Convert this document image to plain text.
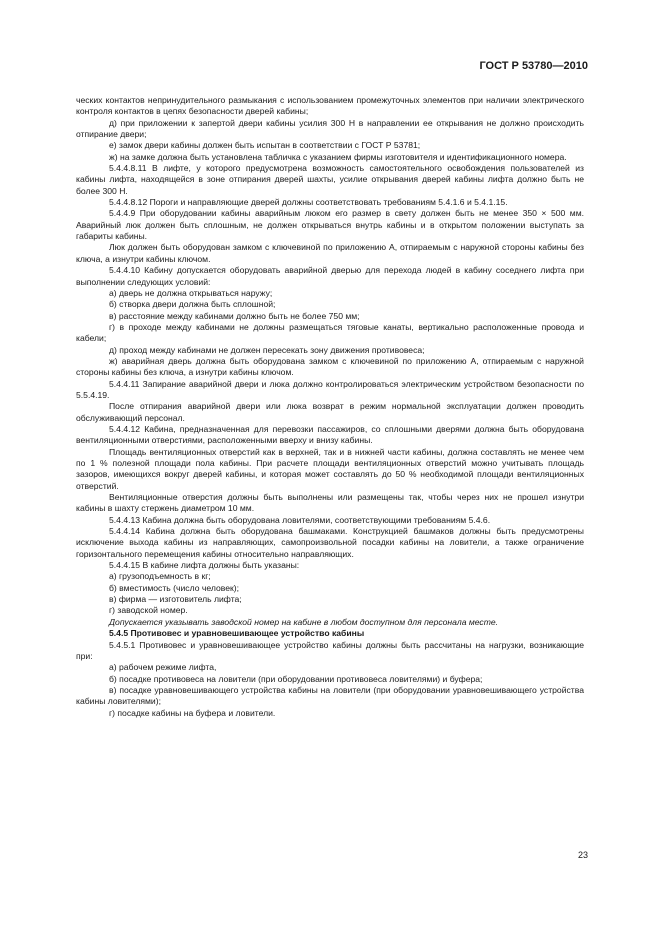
ГОСТ Р 53780—2010

ческих контактов непринудительного размыкания с использованием промежуточных элементов при наличии электрического контроля контактов в цепях безопасности дверей кабины;

д) при приложении к запертой двери кабины усилия 300 Н в направлении ее открывания не должно происходить отпирание двери;

е) замок двери кабины должен быть испытан в соответствии с ГОСТ Р 53781;

ж) на замке должна быть установлена табличка с указанием фирмы изготовителя и идентификационного номера.

5.4.4.8.11 В лифте, у которого предусмотрена возможность самостоятельного освобождения пользователей из кабины лифта, находящейся в зоне отпирания дверей шахты, усилие открывания дверей кабины лифта должно быть не более 300 Н.

5.4.4.8.12 Пороги и направляющие дверей должны соответствовать требованиям 5.4.1.6 и 5.4.1.15.

5.4.4.9 При оборудовании кабины аварийным люком его размер в свету должен быть не менее 350 × 500 мм. Аварийный люк должен быть сплошным, не должен открываться внутрь кабины и в открытом положении выступать за габариты кабины.

Люк должен быть оборудован замком с ключевиной по приложению А, отпираемым с наружной стороны кабины без ключа, а изнутри кабины ключом.

5.4.4.10 Кабину допускается оборудовать аварийной дверью для перехода людей в кабину соседнего лифта при выполнении следующих условий:

а) дверь не должна открываться наружу;

б) створка двери должна быть сплошной;

в) расстояние между кабинами должно быть не более 750 мм;

г) в проходе между кабинами не должны размещаться тяговые канаты, вертикально расположенные провода и кабели;

д) проход между кабинами не должен пересекать зону движения противовеса;

ж) аварийная дверь должна быть оборудована замком с ключевиной по приложению А, отпираемым с наружной стороны кабины без ключа, а изнутри кабины ключом.

5.4.4.11 Запирание аварийной двери и люка должно контролироваться электрическим устройством безопасности по 5.5.4.19.

После отпирания аварийной двери или люка возврат в режим нормальной эксплуатации должен проводить обслуживающий персонал.

5.4.4.12 Кабина, предназначенная для перевозки пассажиров, со сплошными дверями должна быть оборудована вентиляционными отверстиями, расположенными вверху и внизу кабины.

Площадь вентиляционных отверстий как в верхней, так и в нижней части кабины, должна составлять не менее чем по 1 % полезной площади пола кабины. При расчете площади вентиляционных отверстий можно учитывать площадь зазоров, имеющихся вокруг дверей кабины, и которая может составлять до 50 % необходимой площади вентиляционных отверстий.

Вентиляционные отверстия должны быть выполнены или размещены так, чтобы через них не прошел изнутри кабины в шахту стержень диаметром 10 мм.

5.4.4.13 Кабина должна быть оборудована ловителями, соответствующими требованиям 5.4.6.

5.4.4.14 Кабина должна быть оборудована башмаками. Конструкцией башмаков должны быть предусмотрены исключение выхода кабины из направляющих, самопроизвольной посадки кабины на ловители, а также ограничение горизонтального перемещения кабины относительно направляющих.

5.4.4.15 В кабине лифта должны быть указаны:

а) грузоподъемность в кг;

б) вместимость (число человек);

в) фирма — изготовитель лифта;

г) заводской номер.

Допускается указывать заводской номер на кабине в любом доступном для персонала месте.

5.4.5 Противовес и уравновешивающее устройство кабины

5.4.5.1 Противовес и уравновешивающее устройство кабины должны быть рассчитаны на нагрузки, возникающие при:

а) рабочем режиме лифта,

б) посадке противовеса на ловители (при оборудовании противовеса ловителями) и буфера;

в) посадке уравновешивающего устройства кабины на ловители (при оборудовании уравновешивающего устройства кабины ловителями);

г) посадке кабины на буфера и ловители.

23
